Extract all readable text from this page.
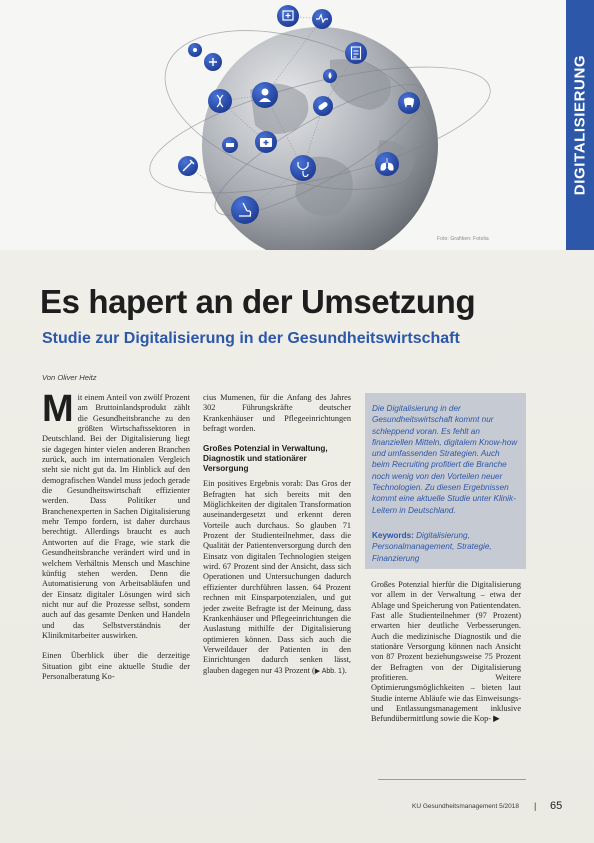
Foto: Grafiken: Fotolia
DIGITALISIERUNG
Es hapert an der Umsetzung
Studie zur Digitalisierung in der Gesundheitswirtschaft
Von Oliver Heitz

Mit einem Anteil von zwölf Prozent am Bruttoinlandsprodukt zählt die Gesundheitsbranche zu den größten Wirtschaftssektoren in Deutschland. Bei der Digitalisierung liegt sie dagegen hinter vielen anderen Branchen zurück, auch im internationalen Vergleich steht sie nicht gut da. Im Hinblick auf den demografischen Wandel muss jedoch gerade die Gesundheitswirtschaft effizienter werden. Dass Politiker und Branchenexperten in Sachen Digitalisierung mehr Tempo fordern, ist daher durchaus berechtigt. Allerdings braucht es auch Antworten auf die Frage, wie stark die Gesundheitsbranche verändert wird und in welchem Verhältnis Mensch und Maschine künftig stehen werden. Denn die Automatisierung von Arbeitsabläufen und der Einsatz digitaler Lösungen wird sich nicht nur auf die Prozesse selbst, sondern auch auf das gesamte Denken und Handeln und das Selbstverständnis der Klinikmitarbeiter auswirken.

Einen Überblick über die derzeitige Situation gibt eine aktuelle Studie der Personalberatung Ko-

cius Mumenen, für die Anfang des Jahres 302 Führungskräfte deutscher Krankenhäuser und Pflegeeinrichtungen befragt worden.

Großes Potenzial in Verwaltung, Diagnostik und stationärer Versorgung

Ein positives Ergebnis vorab: Das Gros der Befragten hat sich bereits mit den Möglichkeiten der digitalen Transformation auseinandergesetzt und erkennt deren Vorteile auch durchaus. So glauben 71 Prozent der Studienteilnehmer, dass die Qualität der Patientenversorgung durch den Einsatz von digitalen Technologien steigen wird. 67 Prozent sind der Ansicht, dass sich Operationen und Untersuchungen dadurch effizienter durchführen lassen. 64 Prozent rechnen mit Einsparpotenzialen, und gut jeder zweite Befragte ist der Meinung, dass Krankenhäuser und Pflegeeinrichtungen die Auslastung mithilfe der Digitalisierung optimieren können. Dass sich auch die Verweildauer der Patienten in den Einrichtungen dadurch senken lässt, glauben dagegen nur 43 Prozent (▶ Abb. 1).

Die Digitalisierung in der Gesundheitswirtschaft kommt nur schleppend voran. Es fehlt an finanziellen Mitteln, digitalem Know-how und umfassenden Strategien. Auch beim Recruiting profitiert die Branche noch wenig von den Vorteilen neuer Technologien. Zu diesen Ergebnissen kommt eine aktuelle Studie unter Klinik-Leitern in Deutschland.

Keywords: Digitalisierung, Personalmanagement, Strategie, Finanzierung

Großes Potenzial hierfür die Digitalisierung vor allem in der Verwaltung – etwa der Ablage und Speicherung von Patientendaten. Fast alle Studienteilnehmer (97 Prozent) erwarten hier deutliche Verbesserungen. Auch die medizinische Diagnostik und die stationäre Versorgung können nach Ansicht von 87 Prozent beziehungsweise 75 Prozent der Befragten von der Digitalisierung profitieren. Weitere Optimierungsmöglichkeiten – bieten laut Studie interne Abläufe wie das Einweisungs- und Entlassungsmanagement inklusive Befundübermittlung sowie die Kop- ▶

KU Gesundheitsmanagement 5/2018 | 65
